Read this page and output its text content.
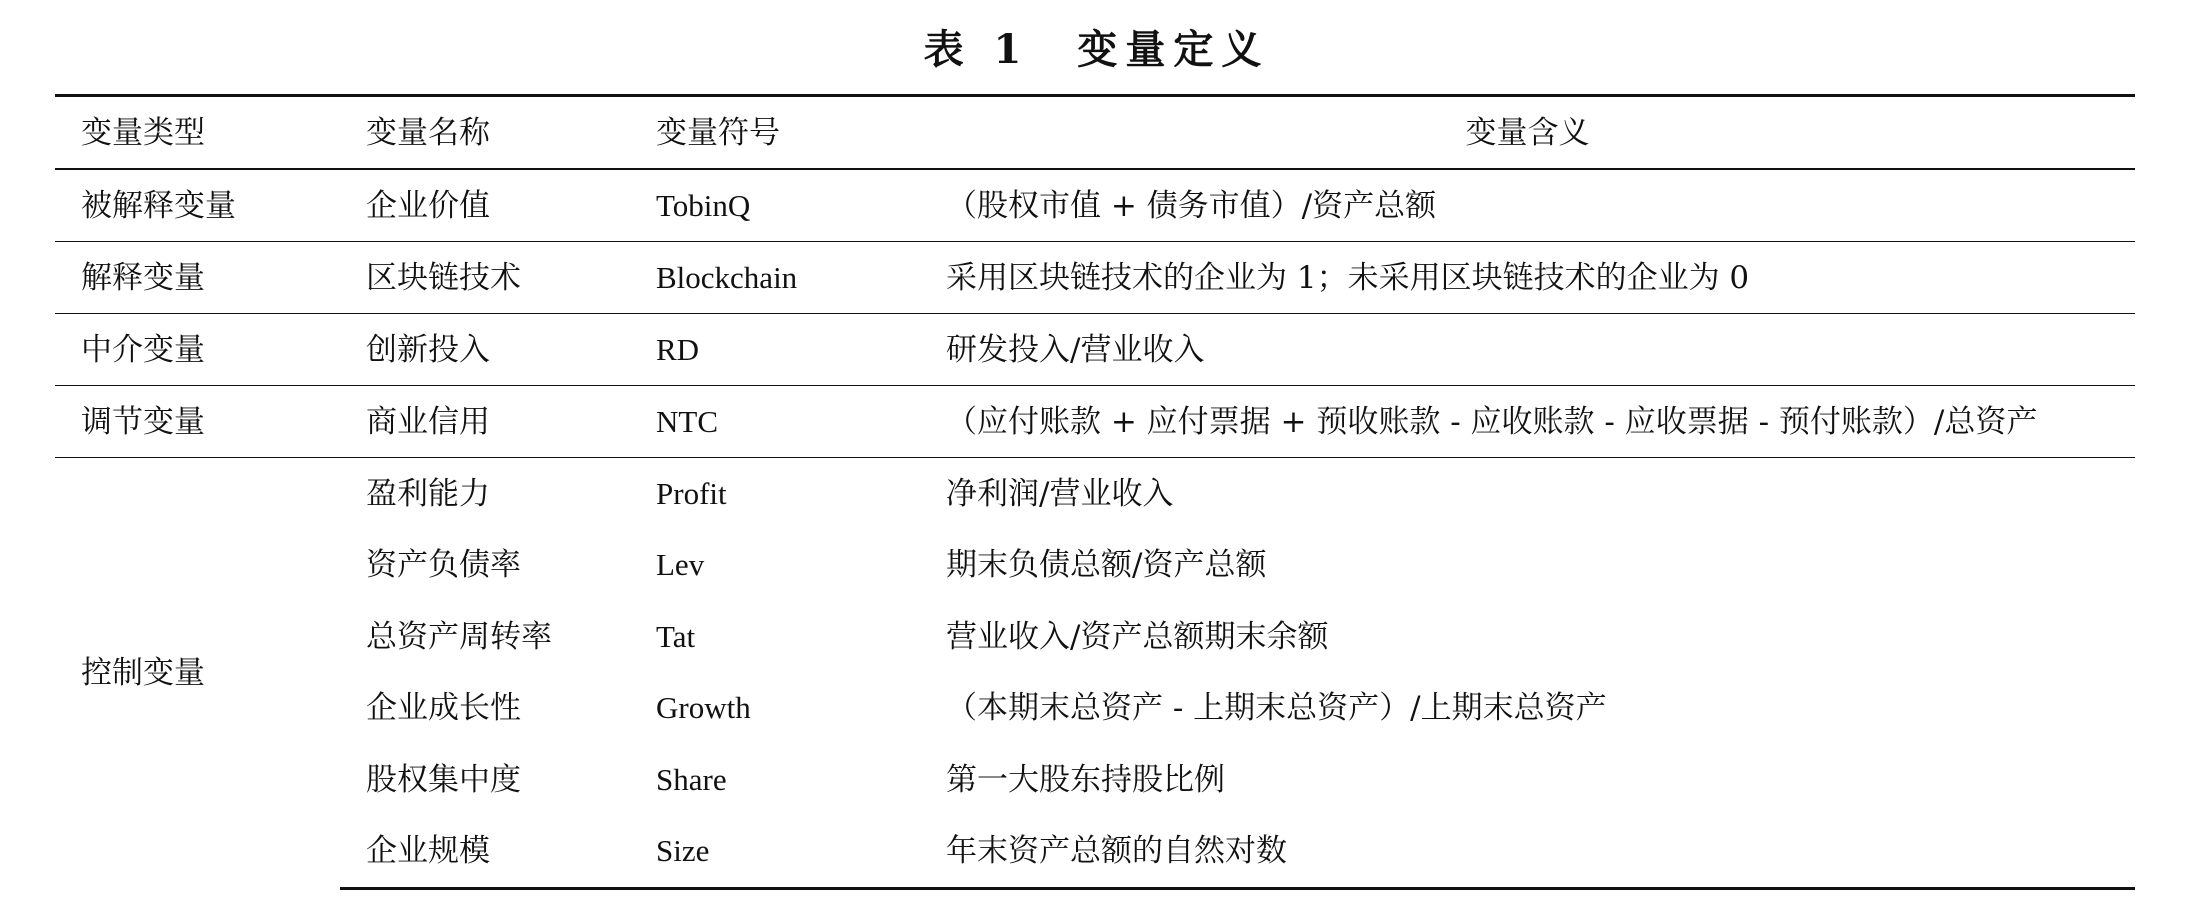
表 1　变量定义
变量类型	变量名称	变量符号	变量含义
被解释变量	企业价值	TobinQ	（股权市值 + 债务市值）/资产总额
解释变量	区块链技术	Blockchain	采用区块链技术的企业为 1；未采用区块链技术的企业为 0
中介变量	创新投入	RD	研发投入/营业收入
调节变量	商业信用	NTC	（应付账款 + 应付票据 + 预收账款 - 应收账款 - 应收票据 - 预付账款）/总资产
控制变量	盈利能力	Profit	净利润/营业收入
	资产负债率	Lev	期末负债总额/资产总额
	总资产周转率	Tat	营业收入/资产总额期末余额
	企业成长性	Growth	（本期末总资产 - 上期末总资产）/上期末总资产
	股权集中度	Share	第一大股东持股比例
	企业规模	Size	年末资产总额的自然对数
